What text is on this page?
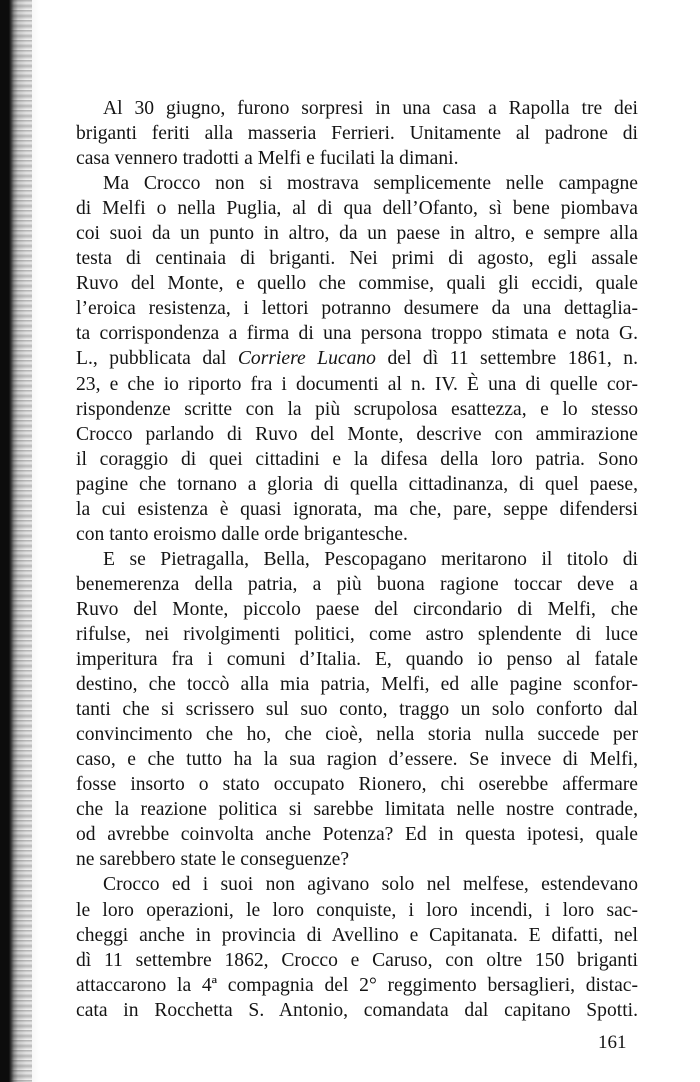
Al 30 giugno, furono sorpresi in una casa a Rapolla tre dei
briganti feriti alla masseria Ferrieri. Unitamente al padrone di
casa vennero tradotti a Melfi e fucilati la dimani.
Ma Crocco non si mostrava semplicemente nelle campagne
di Melfi o nella Puglia, al di qua dell’Ofanto, sì bene piombava
coi suoi da un punto in altro, da un paese in altro, e sempre alla
testa di centinaia di briganti. Nei primi di agosto, egli assale
Ruvo del Monte, e quello che commise, quali gli eccidi, quale
l’eroica resistenza, i lettori potranno desumere da una dettaglia-
ta corrispondenza a firma di una persona troppo stimata e nota G.
L., pubblicata dal Corriere Lucano del dì 11 settembre 1861, n.
23, e che io riporto fra i documenti al n. IV. È una di quelle cor-
rispondenze scritte con la più scrupolosa esattezza, e lo stesso
Crocco parlando di Ruvo del Monte, descrive con ammirazione
il coraggio di quei cittadini e la difesa della loro patria. Sono
pagine che tornano a gloria di quella cittadinanza, di quel paese,
la cui esistenza è quasi ignorata, ma che, pare, seppe difendersi
con tanto eroismo dalle orde brigantesche.
E se Pietragalla, Bella, Pescopagano meritarono il titolo di
benemerenza della patria, a più buona ragione toccar deve a
Ruvo del Monte, piccolo paese del circondario di Melfi, che
rifulse, nei rivolgimenti politici, come astro splendente di luce
imperitura fra i comuni d’Italia. E, quando io penso al fatale
destino, che toccò alla mia patria, Melfi, ed alle pagine sconfor-
tanti che si scrissero sul suo conto, traggo un solo conforto dal
convincimento che ho, che cioè, nella storia nulla succede per
caso, e che tutto ha la sua ragion d’essere. Se invece di Melfi,
fosse insorto o stato occupato Rionero, chi oserebbe affermare
che la reazione politica si sarebbe limitata nelle nostre contrade,
od avrebbe coinvolta anche Potenza? Ed in questa ipotesi, quale
ne sarebbero state le conseguenze?
Crocco ed i suoi non agivano solo nel melfese, estendevano
le loro operazioni, le loro conquiste, i loro incendi, i loro sac-
cheggi anche in provincia di Avellino e Capitanata. E difatti, nel
dì 11 settembre 1862, Crocco e Caruso, con oltre 150 briganti
attaccarono la 4ª compagnia del 2° reggimento bersaglieri, distac-
cata in Rocchetta S. Antonio, comandata dal capitano Spotti.
161
